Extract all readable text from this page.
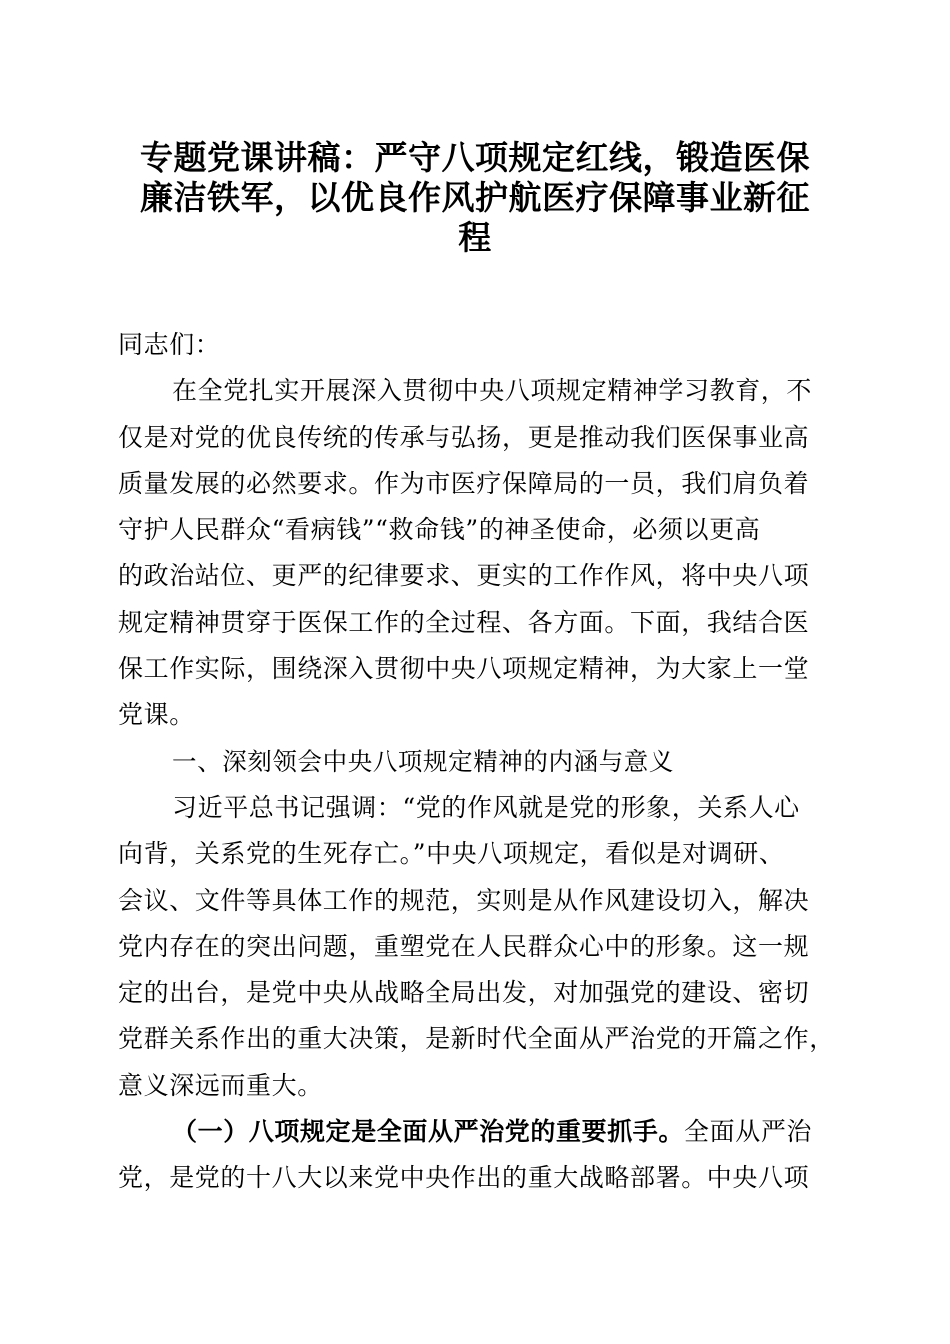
专题党课讲稿：严守八项规定红线，锻造医保
廉洁铁军，以优良作风护航医疗保障事业新征
程

同志们：

在全党扎实开展深入贯彻中央八项规定精神学习教育，不
仅是对党的优良传统的传承与弘扬，更是推动我们医保事业高
质量发展的必然要求。作为市医疗保障局的一员，我们肩负着
守护人民群众“看病钱”“救命钱”的神圣使命，必须以更高
的政治站位、更严的纪律要求、更实的工作作风，将中央八项
规定精神贯穿于医保工作的全过程、各方面。下面，我结合医
保工作实际，围绕深入贯彻中央八项规定精神，为大家上一堂
党课。

一、深刻领会中央八项规定精神的内涵与意义

习近平总书记强调：“党的作风就是党的形象，关系人心
向背，关系党的生死存亡。”中央八项规定，看似是对调研、
会议、文件等具体工作的规范，实则是从作风建设切入，解决
党内存在的突出问题，重塑党在人民群众心中的形象。这一规
定的出台，是党中央从战略全局出发，对加强党的建设、密切
党群关系作出的重大决策，是新时代全面从严治党的开篇之作，
意义深远而重大。

（一）八项规定是全面从严治党的重要抓手。全面从严治
党，是党的十八大以来党中央作出的重大战略部署。中央八项
